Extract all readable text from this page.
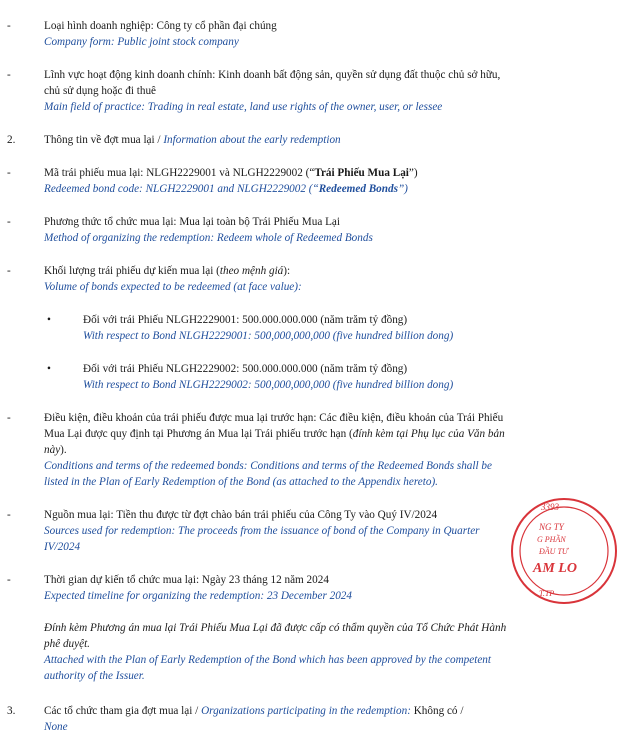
-	Loại hình doanh nghiệp: Công ty cổ phần đại chúng
Company form: Public joint stock company
-	Lĩnh vực hoạt động kinh doanh chính: Kinh doanh bất động sản, quyền sử dụng đất thuộc chủ sở hữu, chủ sử dụng hoặc đi thuê
Main field of practice: Trading in real estate, land use rights of the owner, user, or lessee
2.	Thông tin về đợt mua lại / Information about the early redemption
-	Mã trái phiếu mua lại: NLGH2229001 và NLGH2229002 (“Trái Phiếu Mua Lại”)
Redeemed bond code: NLGH2229001 and NLGH2229002 (“Redeemed Bonds”)
-	Phương thức tổ chức mua lại: Mua lại toàn bộ Trái Phiếu Mua Lại
Method of organizing the redemption: Redeem whole of Redeemed Bonds
-	Khối lượng trái phiếu dự kiến mua lại (theo mệnh giá):
Volume of bonds expected to be redeemed (at face value):
•	Đối với trái Phiếu NLGH2229001: 500.000.000.000 (năm trăm tỷ đồng)
With respect to Bond NLGH2229001: 500,000,000,000 (five hundred billion dong)
•	Đối với trái Phiếu NLGH2229002: 500.000.000.000 (năm trăm tỷ đồng)
With respect to Bond NLGH2229002: 500,000,000,000 (five hundred billion dong)
-	Điều kiện, điều khoản của trái phiếu được mua lại trước hạn: Các điều kiện, điều khoản của Trái Phiếu Mua Lại được quy định tại Phương án Mua lại Trái phiếu trước hạn (đính kèm tại Phụ lục của Văn bản này).
Conditions and terms of the redeemed bonds: Conditions and terms of the Redeemed Bonds shall be listed in the Plan of Early Redemption of the Bond (as attached to the Appendix hereto).
-	Nguồn mua lại: Tiền thu được từ đợt chào bán trái phiếu của Công Ty vào Quý IV/2024
Sources used for redemption: The proceeds from the issuance of bond of the Company in Quarter IV/2024
-	Thời gian dự kiến tổ chức mua lại: Ngày 23 tháng 12 năm 2024
Expected timeline for organizing the redemption: 23 December 2024
Đính kèm Phương án mua lại Trái Phiếu Mua Lại đã được cấp có thẩm quyền của Tổ Chức Phát Hành phê duyệt.
Attached with the Plan of Early Redemption of the Bond which has been approved by the competent authority of the Issuer.
3.	Các tổ chức tham gia đợt mua lại / Organizations participating in the redemption: Không có /
None
3393
NG TY
G PHẦN
ĐẦU TƯ
AM LO
T.TP
